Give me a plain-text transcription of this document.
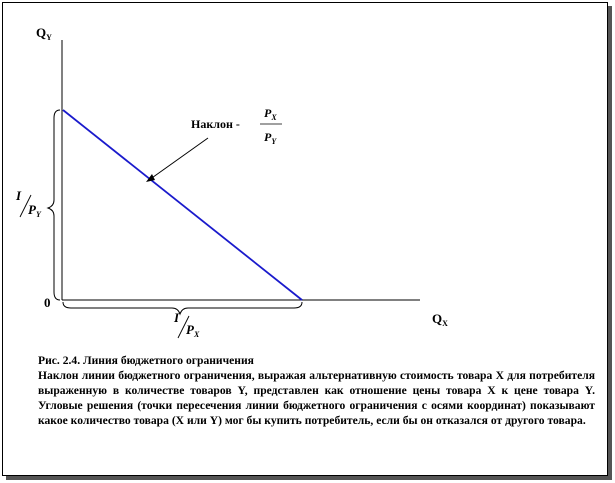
$Q_Y$
$Q_X$
0
Наклон -
$P_X$
$P_Y$
I
$P_Y$
I
$P_X$
Рис. 2.4. Линия бюджетного ограничения
Наклон линии бюджетного ограничения, выражая альтернативную стоимость товара X для потребителя выраженную в количестве товаров Y, представлен как отношение цены товара X к цене товара Y. Угловые решения (точки пересечения линии бюджетного ограничения с осями координат) показывают какое количество товара (X или Y) мог бы купить потребитель, если бы он отказался от другого товара.
